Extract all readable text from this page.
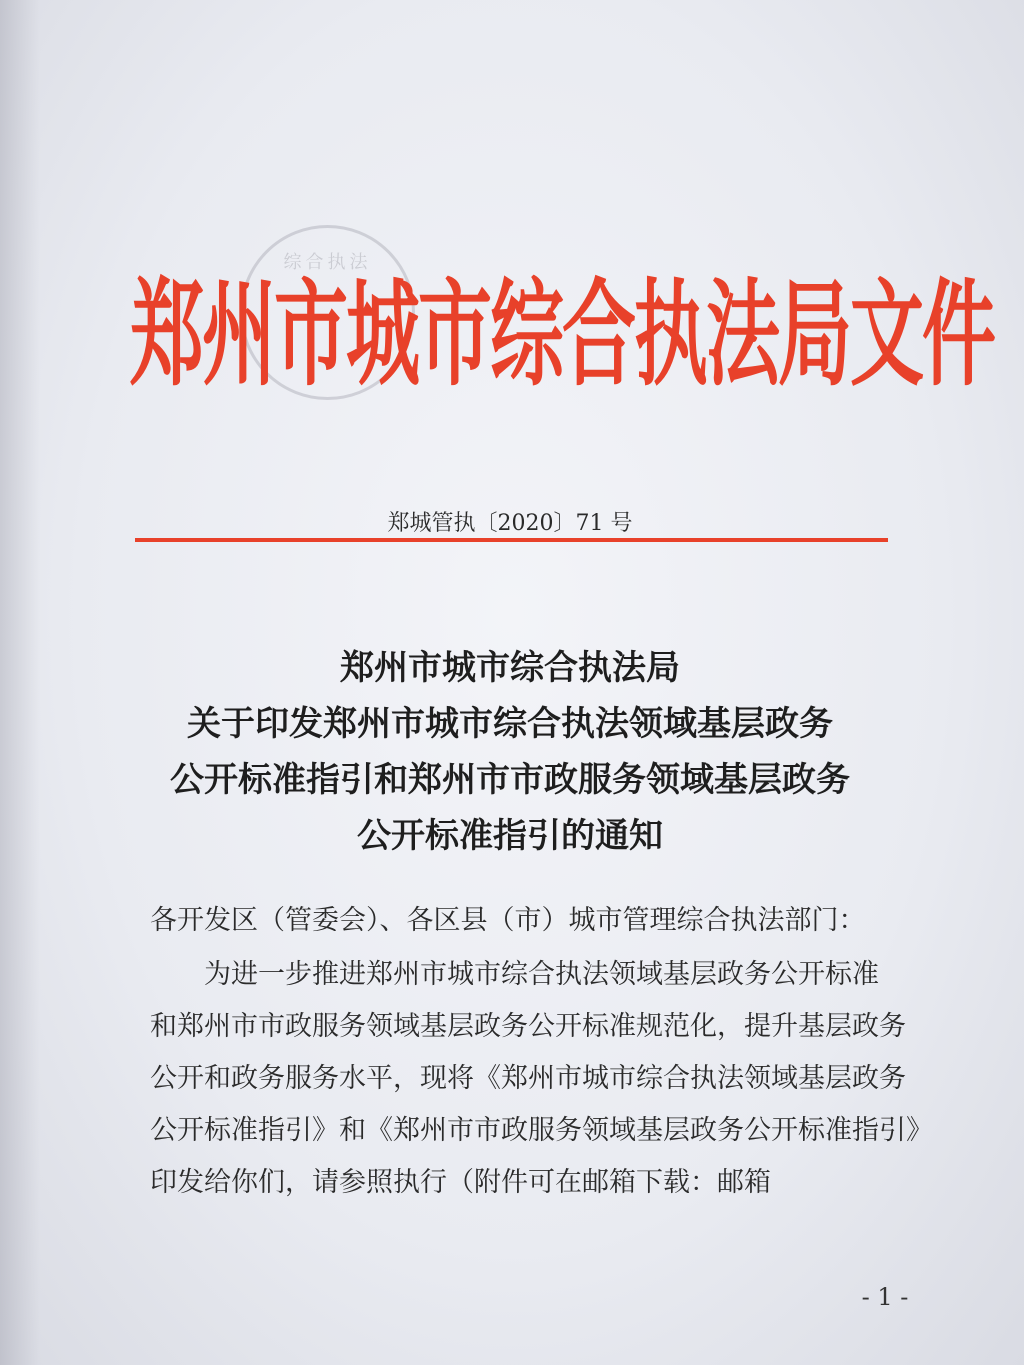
综合执法
郑州市城市综合执法局文件
郑城管执〔2020〕71 号
郑州市城市综合执法局
关于印发郑州市城市综合执法领域基层政务
公开标准指引和郑州市市政服务领域基层政务
公开标准指引的通知
各开发区（管委会）、各区县（市）城市管理综合执法部门：
为进一步推进郑州市城市综合执法领域基层政务公开标准
和郑州市市政服务领域基层政务公开标准规范化，提升基层政务
公开和政务服务水平，现将《郑州市城市综合执法领域基层政务
公开标准指引》和《郑州市市政服务领域基层政务公开标准指引》
印发给你们，请参照执行（附件可在邮箱下载：邮箱
- 1 -
